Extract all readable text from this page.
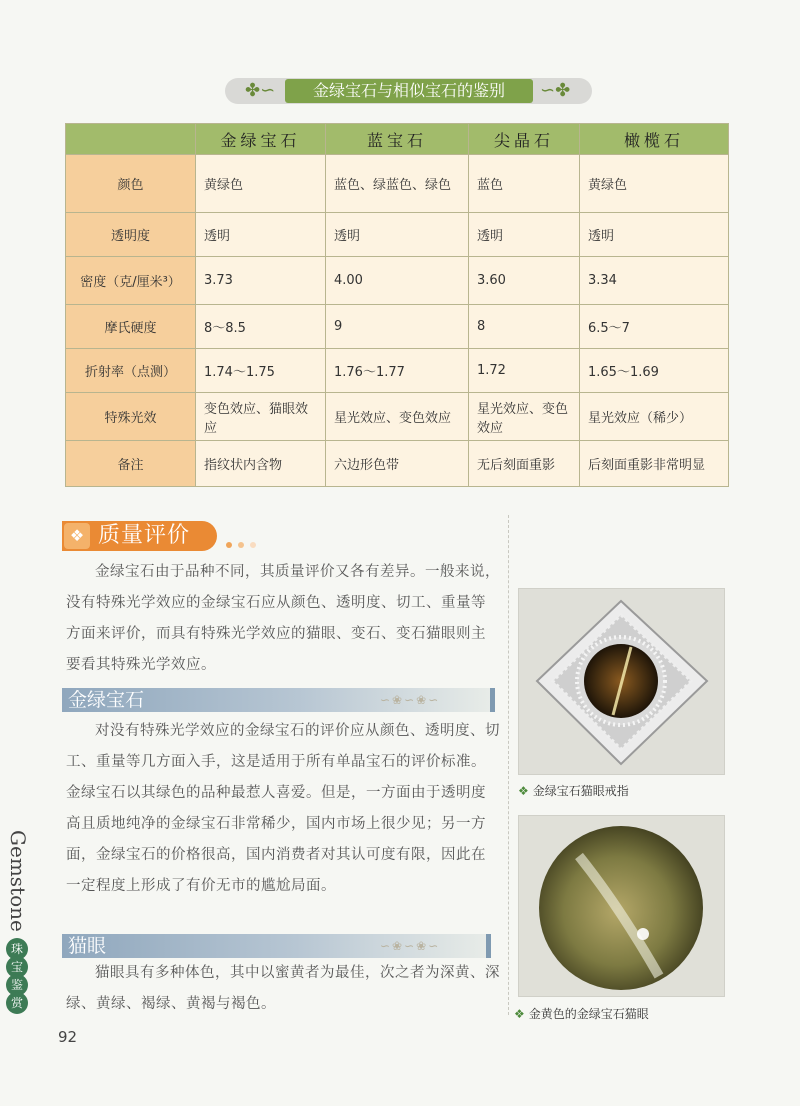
✤∽	∽✤
金绿宝石与相似宝石的鉴别
	金绿宝石	蓝宝石	尖晶石	橄榄石
颜色	黄绿色	蓝色、绿蓝色、绿色	蓝色	黄绿色
透明度	透明	透明	透明	透明
密度（克/厘米³）	3.73	4.00	3.60	3.34
摩氏硬度	8～8.5	9	8	6.5～7
折射率（点测）	1.74～1.75	1.76～1.77	1.72	1.65～1.69
特殊光效	变色效应、猫眼效应	星光效应、变色效应	星光效应、变色效应	星光效应（稀少）
备注	指纹状内含物	六边形色带	无后刻面重影	后刻面重影非常明显
❖ 质量评价
金绿宝石由于品种不同，其质量评价又各有差异。一般来说，没有特殊光学效应的金绿宝石应从颜色、透明度、切工、重量等方面来评价，而具有特殊光学效应的猫眼、变石、变石猫眼则主要看其特殊光学效应。
∽❀∽❀∽
金绿宝石
对没有特殊光学效应的金绿宝石的评价应从颜色、透明度、切工、重量等几方面入手，这是适用于所有单晶宝石的评价标准。金绿宝石以其绿色的品种最惹人喜爱。但是，一方面由于透明度高且质地纯净的金绿宝石非常稀少，国内市场上很少见；另一方面，金绿宝石的价格很高，国内消费者对其认可度有限，因此在一定程度上形成了有价无市的尴尬局面。
∽❀∽❀∽
猫眼
猫眼具有多种体色，其中以蜜黄者为最佳，次之者为深黄、深绿、黄绿、褐绿、黄褐与褐色。
❖ 金绿宝石猫眼戒指
❖ 金黄色的金绿宝石猫眼
Gemstone
珠
宝
鉴
赏
92
